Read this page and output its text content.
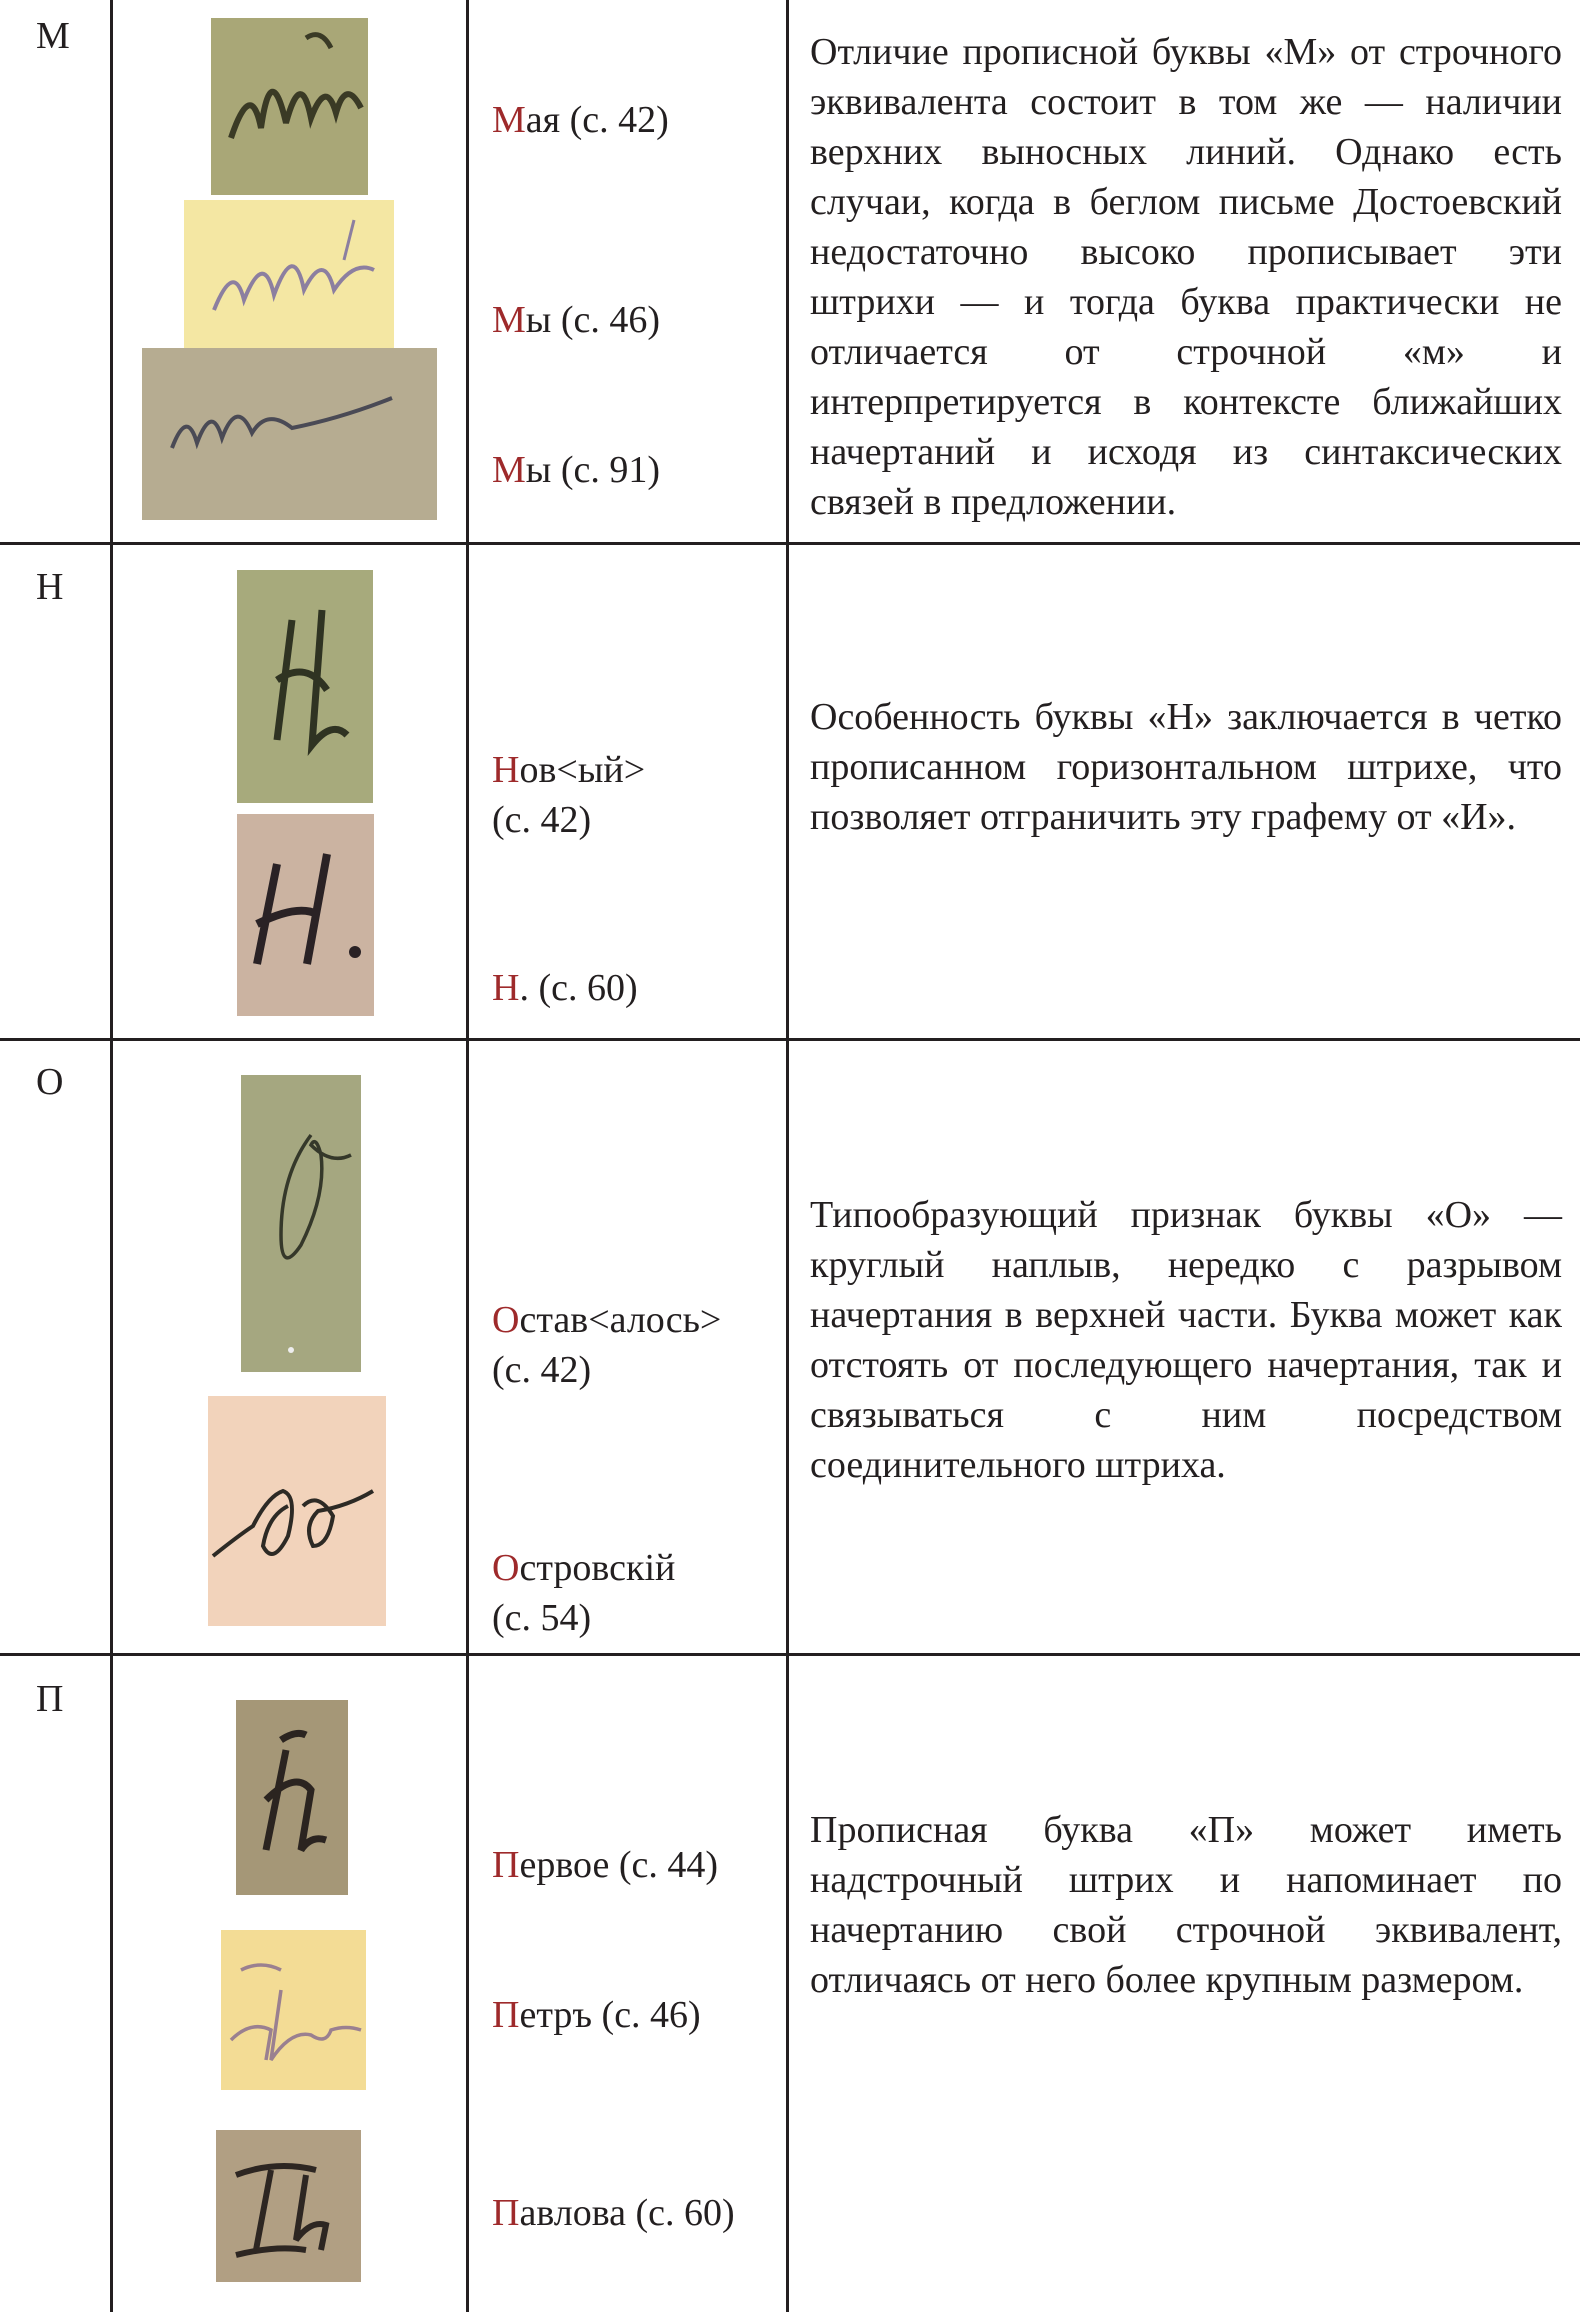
М
Мая (с. 42)
Мы (с. 46)
Мы (с. 91)
Отличие прописной буквы «М» от строчного эквивалента состоит в том же — наличии верхних выносных линий. Однако есть случаи, когда в беглом письме Достоевский недостаточно высоко прописывает эти штрихи — и тогда буква практически не отличается от строчной «м» и интерпретируется в контексте ближайших начертаний и исходя из синтаксических связей в предложении.
Н
Нов<ый>
(с. 42)
Н. (с. 60)
Особенность буквы «Н» заключается в четко прописанном горизонтальном штрихе, что позволяет отграничить эту графему от «И».
О
Остав<алось>
(с. 42)
Островскiй
(с. 54)
Типообразующий признак буквы «О» — круглый наплыв, нередко с разрывом начертания в верхней части. Буква может как отстоять от последующего начертания, так и связываться с ним посредством соединительного штриха.
П
Первое (с. 44)
Петръ (с. 46)
Павлова (с. 60)
Прописная буква «П» может иметь надстрочный штрих и напоминает по начертанию свой строчной эквивалент, отличаясь от него более крупным размером.
